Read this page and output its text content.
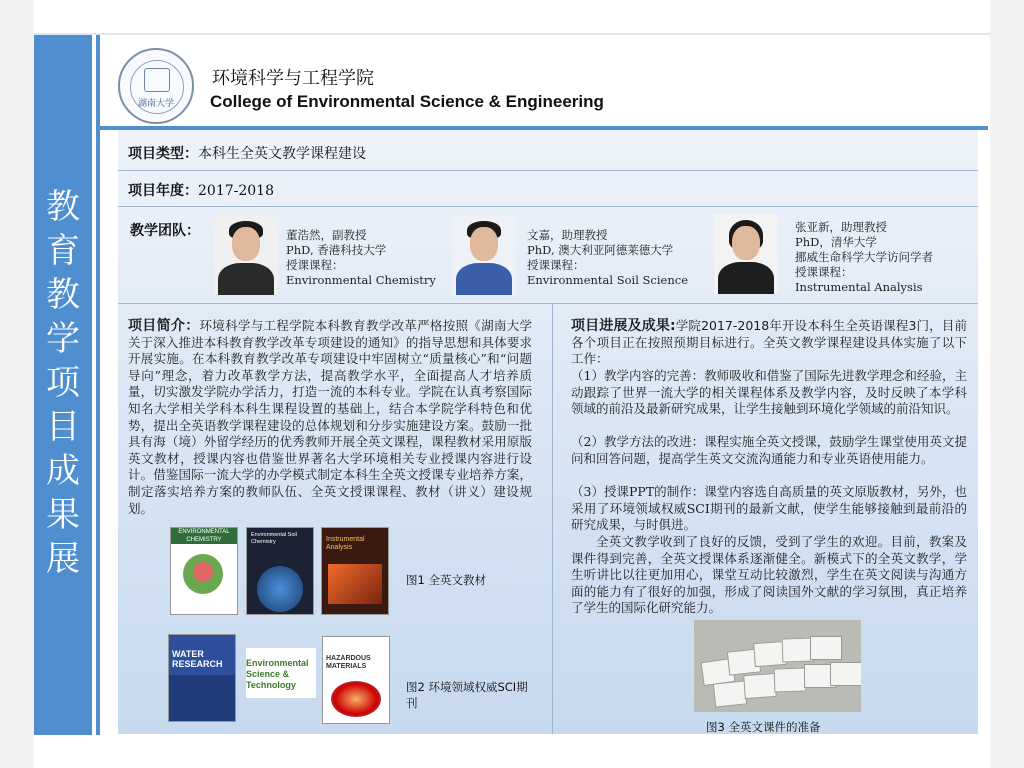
教
育
教
学
项
目
成
果
展
湖南大学
环境科学与工程学院
College of Environmental Science & Engineering
项目类型：本科生全英文教学课程建设
项目年度：2017-2018
教学团队：	董浩然，副教授
PhD, 香港科技大学
授课课程：
Environmental Chemistry
文嘉，助理教授
PhD, 澳大利亚阿德莱德大学
授课课程：
Environmental Soil Science
张亚新，助理教授
PhD，清华大学
挪威生命科学大学访问学者
授课课程：
Instrumental Analysis
项目简介：环境科学与工程学院本科教育教学改革严格按照《湖南大学关于深入推进本科教育教学改革专项建设的通知》的指导思想和具体要求开展实施。在本科教育教学改革专项建设中牢固树立“质量核心”和“问题导向”理念，着力改革教学方法，提高教学水平，全面提高人才培养质量，切实激发学院办学活力，打造一流的本科专业。学院在认真考察国际知名大学相关学科本科生课程设置的基础上，结合本学院学科特色和优势，提出全英语教学课程建设的总体规划和分步实施建设方案。鼓励一批具有海（境）外留学经历的优秀教师开展全英文课程，课程教材采用原版英文教材，授课内容也借鉴世界著名大学环境相关专业授课内容进行设计。借鉴国际一流大学的办学模式制定本科生全英文授课专业培养方案，制定落实培养方案的教师队伍、全英文授课课程、教材（讲义）建设规划。
ENVIRONMENTAL CHEMISTRY
Environmental Soil Chemistry	Instrumental Analysis
图1 全英文教材
WATER RESEARCH	Environmental Science & Technology
HAZARDOUS MATERIALS
图2 环境领域权威SCI期刊
项目进展及成果:学院2017-2018年开设本科生全英语课程3门，目前各个项目正在按照预期目标进行。全英文教学课程建设具体实施了以下工作：
（1）教学内容的完善：教师吸收和借鉴了国际先进教学理念和经验，主动跟踪了世界一流大学的相关课程体系及教学内容，及时反映了本学科领域的前沿及最新研究成果，让学生接触到环境化学领域的前沿知识。
（2）教学方法的改进：课程实施全英文授课，鼓励学生课堂使用英文提问和回答问题，提高学生英文交流沟通能力和专业英语使用能力。
（3）授课PPT的制作：课堂内容选自高质量的英文原版教材，另外，也采用了环境领域权威SCI期刊的最新文献，使学生能够接触到最前沿的研究成果，与时俱进。
全英文教学收到了良好的反馈，受到了学生的欢迎。目前，教案及课件得到完善，全英文授课体系逐渐健全。新模式下的全英文教学，学生听讲比以往更加用心，课堂互动比较激烈，学生在英文阅读与沟通方面的能力有了很好的加强，形成了阅读国外文献的学习氛围，真正培养了学生的国际化研究能力。
图3 全英文课件的准备
